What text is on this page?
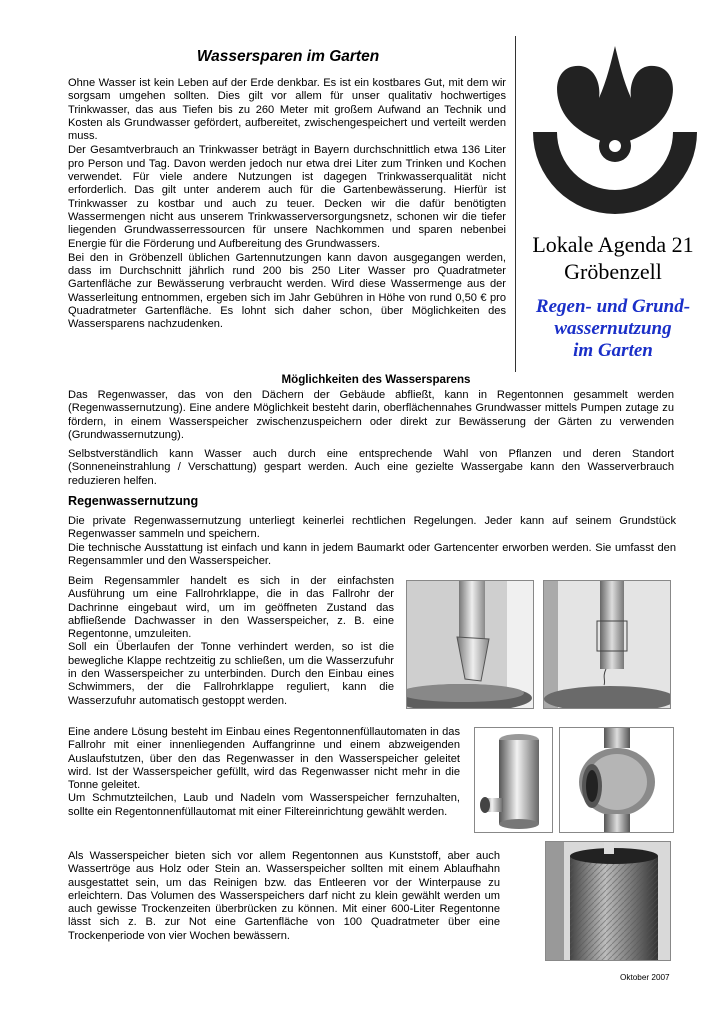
Wassersparen im Garten

Ohne Wasser ist kein Leben auf der Erde denkbar. Es ist ein kostbares Gut, mit dem wir sorgsam umgehen sollten. Dies gilt vor allem für unser qualitativ hochwertiges Trinkwasser, das aus Tiefen bis zu 260 Meter mit großem Aufwand an Technik und Kosten als Grundwasser gefördert, aufbereitet, zwischengespeichert und verteilt werden muss.

Der Gesamtverbrauch an Trinkwasser beträgt in Bayern durchschnittlich etwa 136 Liter pro Person und Tag. Davon werden jedoch nur etwa drei Liter zum Trinken und Kochen verwendet. Für viele andere Nutzungen ist dagegen Trinkwasserqualität nicht erforderlich. Das gilt unter anderem auch für die Gartenbewässerung. Hierfür ist Trinkwasser zu kostbar und auch zu teuer. Decken wir die dafür benötigten Wassermengen nicht aus unserem Trinkwasserversorgungsnetz, schonen wir die tiefer liegenden Grundwasserressourcen für unsere Nachkommen und sparen nebenbei Energie für die Förderung und Aufbereitung des Grundwassers.

Bei den in Gröbenzell üblichen Gartennutzungen kann davon ausgegangen werden, dass im Durchschnitt jährlich rund 200 bis 250 Liter Wasser pro Quadratmeter Gartenfläche zur Bewässerung verbraucht werden. Wird diese Wassermenge aus der Wasserleitung entnommen, ergeben sich im Jahr Gebühren in Höhe von rund 0,50 € pro Quadratmeter Gartenfläche. Es lohnt sich daher schon, über Möglichkeiten des Wassersparens nachzudenken.

Lokale Agenda 21
Gröbenzell
Regen- und Grund-
wassernutzung
im Garten
Möglichkeiten des Wassersparens

Das Regenwasser, das von den Dächern der Gebäude abfließt, kann in Regentonnen gesammelt werden (Regenwassernutzung). Eine andere Möglichkeit besteht darin, oberflächennahes Grundwasser mittels Pumpen zutage zu fördern, in einem Wasserspeicher zwischenzuspeichern oder direkt zur Bewässerung der Gärten zu verwenden (Grundwassernutzung).

Selbstverständlich kann Wasser auch durch eine entsprechende Wahl von Pflanzen und deren Standort (Sonneneinstrahlung / Verschattung) gespart werden. Auch eine gezielte Wassergabe kann den Wasserverbrauch reduzieren helfen.

Regenwassernutzung

Die private Regenwassernutzung unterliegt keinerlei rechtlichen Regelungen. Jeder kann auf seinem Grundstück Regenwasser sammeln und speichern.

Die technische Ausstattung ist einfach und kann in jedem Baumarkt oder Gartencenter erworben werden. Sie umfasst den Regensammler und den Wasserspeicher.

Beim Regensammler handelt es sich in der einfachsten Ausführung um eine Fallrohrklappe, die in das Fallrohr der Dachrinne eingebaut wird, um im geöffneten Zustand das abfließende Dachwasser in den Wasserspeicher, z. B. eine Regentonne, umzuleiten.

Soll ein Überlaufen der Tonne verhindert werden, so ist die bewegliche Klappe rechtzeitig zu schließen, um die Wasserzufuhr in den Wasserspeicher zu unterbinden. Durch den Einbau eines Schwimmers, der die Fallrohrklappe reguliert, kann die Wasserzufuhr automatisch gestoppt werden.

Eine andere Lösung besteht im Einbau eines Regentonnenfüllautomaten in das Fallrohr mit einer innenliegenden Auffangrinne und einem abzweigenden Auslaufstutzen, über den das Regenwasser in den Wasserspeicher geleitet wird. Ist der Wasserspeicher gefüllt, wird das Regenwasser nicht mehr in die Tonne geleitet.

Um Schmutzteilchen, Laub und Nadeln vom Wasserspeicher fernzuhalten, sollte ein Regentonnenfüllautomat mit einer Filtereinrichtung gewählt werden.

Als Wasserspeicher bieten sich vor allem Regentonnen aus Kunststoff, aber auch Wassertröge aus Holz oder Stein an. Wasserspeicher sollten mit einem Ablaufhahn ausgestattet sein, um das Reinigen bzw. das Entleeren vor der Winterpause zu erleichtern. Das Volumen des Wasserspeichers darf nicht zu klein gewählt werden um auch gewisse Trockenzeiten überbrücken zu können. Mit einer 600-Liter Regentonne lässt sich z. B. zur Not eine Gartenfläche von 100 Quadratmeter über eine Trockenperiode von vier Wochen bewässern.

Oktober 2007
